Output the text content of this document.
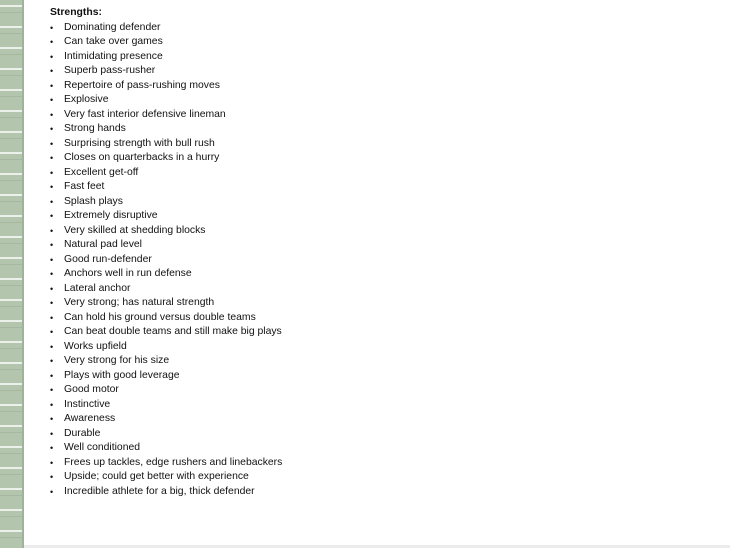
Strengths:
• Dominating defender
• Can take over games
• Intimidating presence
• Superb pass-rusher
• Repertoire of pass-rushing moves
• Explosive
• Very fast interior defensive lineman
• Strong hands
• Surprising strength with bull rush
• Closes on quarterbacks in a hurry
• Excellent get-off
• Fast feet
• Splash plays
• Extremely disruptive
• Very skilled at shedding blocks
• Natural pad level
• Good run-defender
• Anchors well in run defense
• Lateral anchor
• Very strong; has natural strength
• Can hold his ground versus double teams
• Can beat double teams and still make big plays
• Works upfield
• Very strong for his size
• Plays with good leverage
• Good motor
• Instinctive
• Awareness
• Durable
• Well conditioned
• Frees up tackles, edge rushers and linebackers
• Upside; could get better with experience
• Incredible athlete for a big, thick defender
